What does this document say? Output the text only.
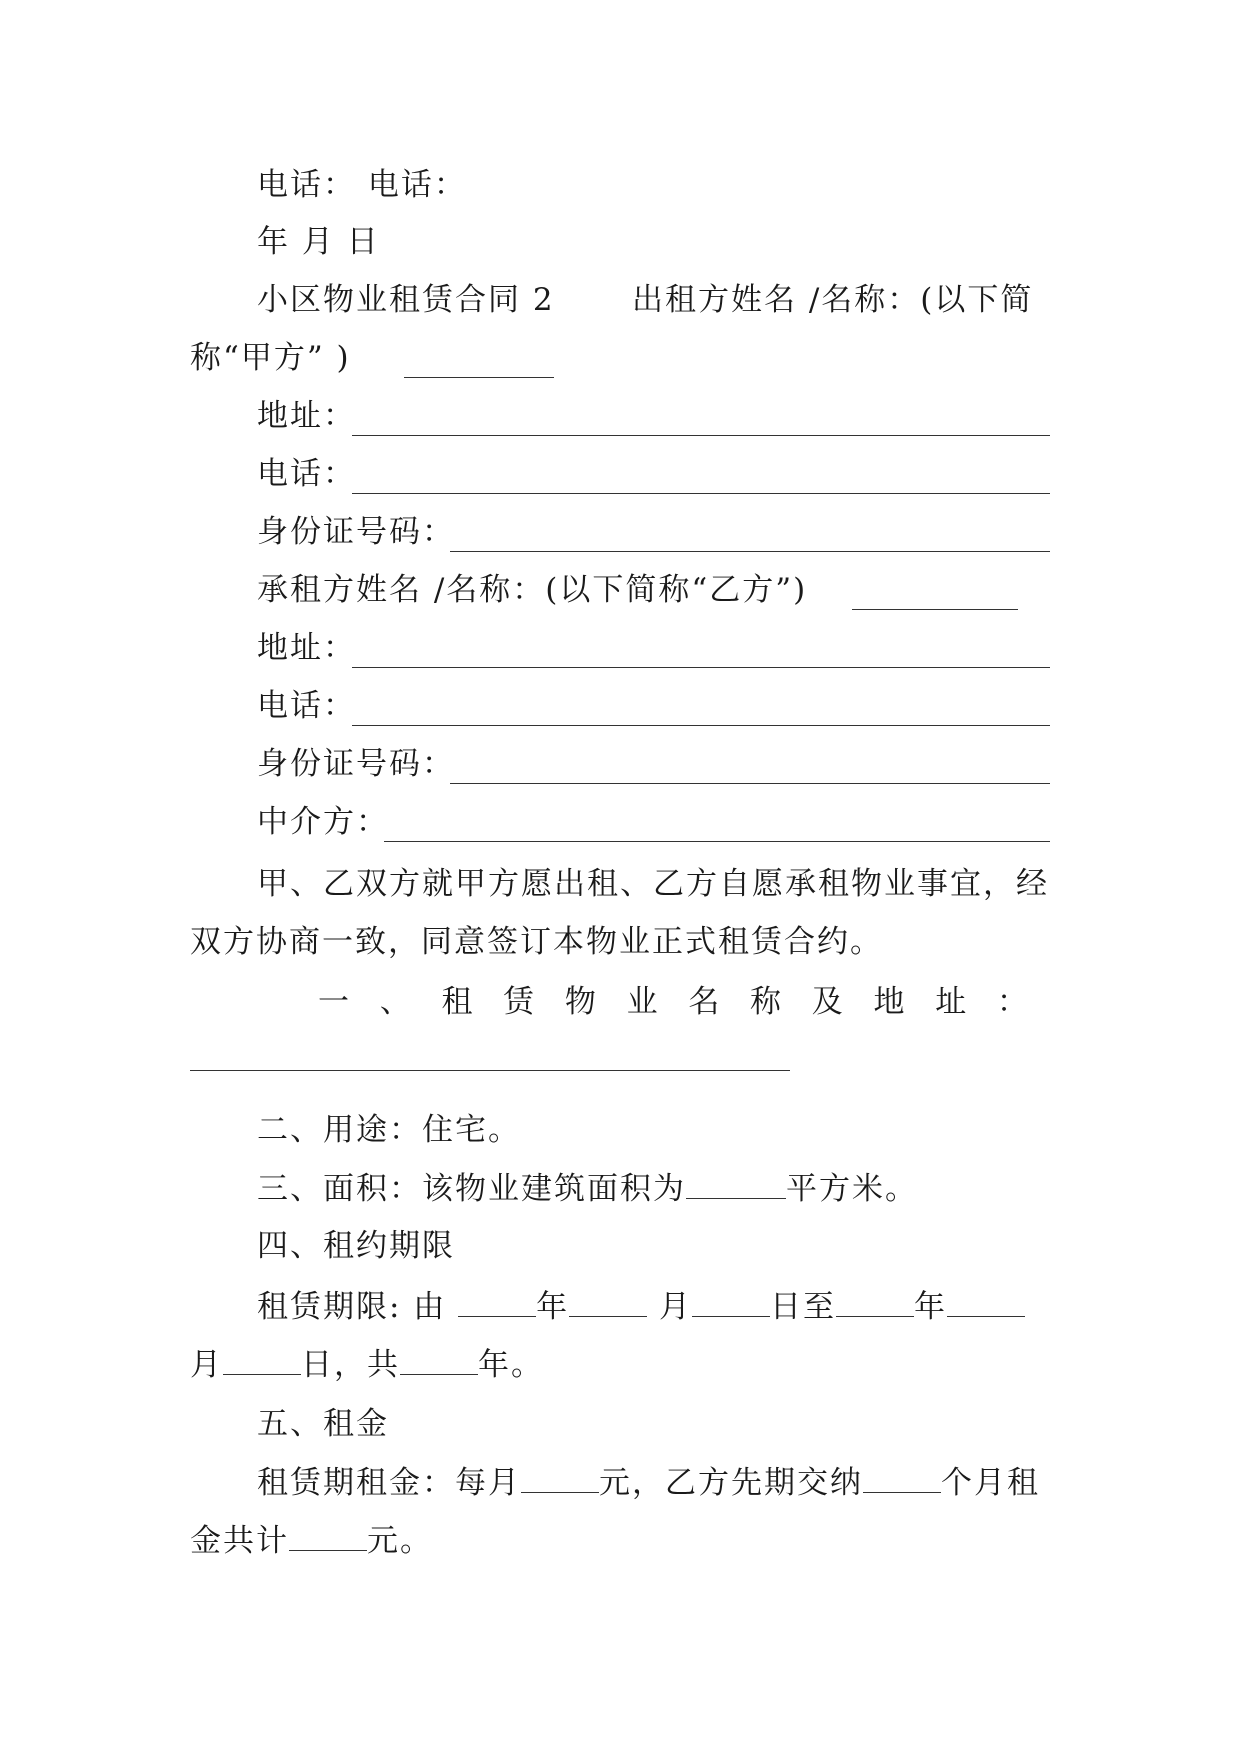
电话： 电话：
年 月 日
小区物业租赁合同 2 出租方姓名 /名称：(以下简
称“甲方” )
地址：
电话：
身份证号码：
承租方姓名 /名称：(以下简称“乙方”)
地址：
电话：
身份证号码：
中介方：
甲、乙双方就甲方愿出租、乙方自愿承租物业事宜，经
双方协商一致，同意签订本物业正式租赁合约。
一 、 租 赁 物 业 名 称 及 地 址 ：
二、用途：住宅。
三、面积：该物业建筑面积为	平方米。
四、租约期限
租赁期限: 由	年	月	日至	年
月	日，共	年。
五、租金
租赁期租金：每月	元，乙方先期交纳	个月租
金共计	元。
